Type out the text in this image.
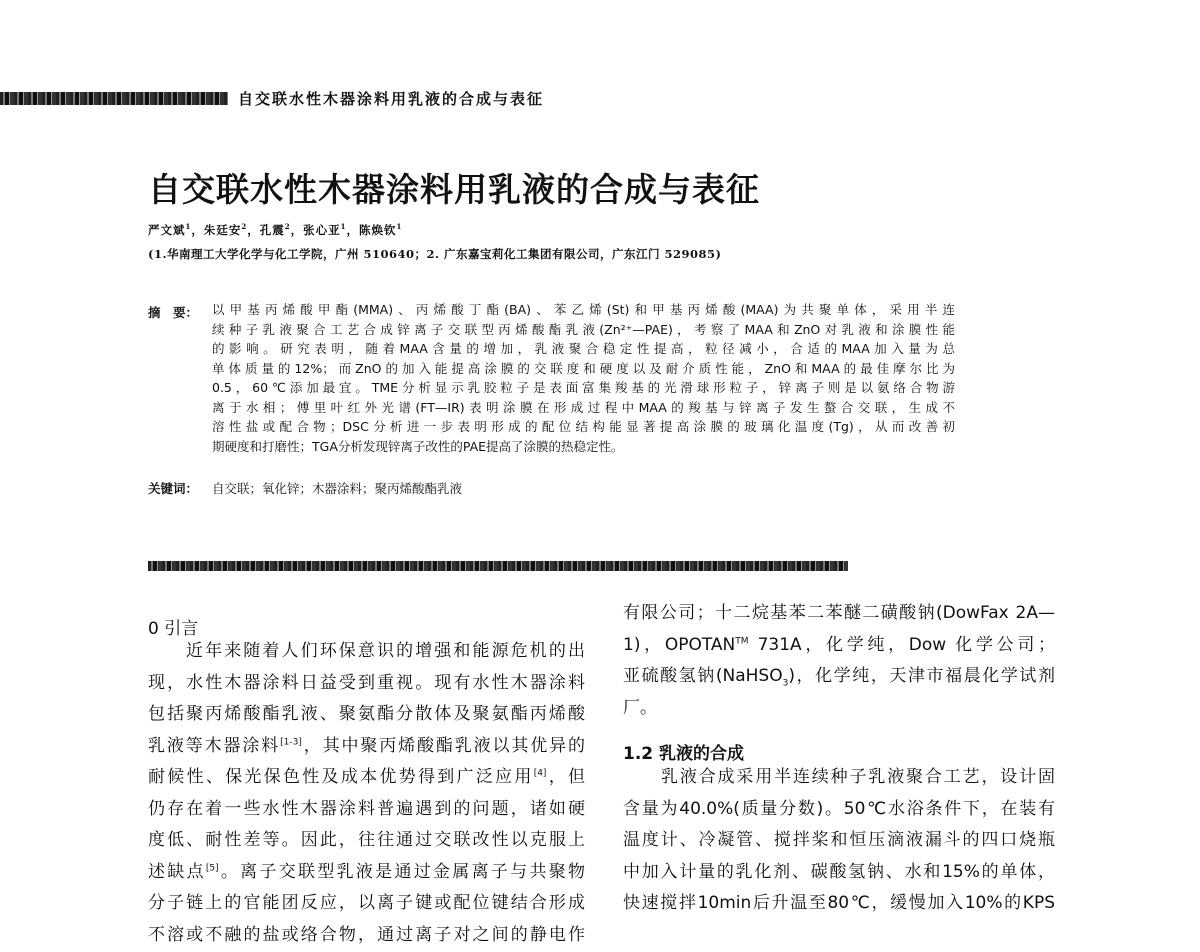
自交联水性木器涂料用乳液的合成与表征
自交联水性木器涂料用乳液的合成与表征
严文斌$^1$，朱廷安$^2$，孔震$^2$，张心亚$^1$，陈焕钦$^1$
(1.华南理工大学化学与化工学院，广州 510640；2. 广东嘉宝莉化工集团有限公司，广东江门 529085)
摘　要： 以甲基丙烯酸甲酯(MMA)、丙烯酸丁酯(BA)、苯乙烯(St)和甲基丙烯酸(MAA)为共聚单体，采用半连
续种子乳液聚合工艺合成锌离子交联型丙烯酸酯乳液(Zn²⁺—PAE)，考察了MAA和ZnO对乳液和涂膜性能
的影响。研究表明，随着MAA含量的增加，乳液聚合稳定性提高，粒径减小，合适的MAA加入量为总
单体质量的12%；而ZnO的加入能提高涂膜的交联度和硬度以及耐介质性能，ZnO和MAA的最佳摩尔比为
0.5，60℃添加最宜。TME分析显示乳胶粒子是表面富集羧基的光滑球形粒子，锌离子则是以氨络合物游
离于水相；傅里叶红外光谱(FT—IR)表明涂膜在形成过程中MAA的羧基与锌离子发生螯合交联，生成不
溶性盐或配合物；DSC分析进一步表明形成的配位结构能显著提高涂膜的玻璃化温度(Tg)，从而改善初
期硬度和打磨性；TGA分析发现锌离子改性的PAE提高了涂膜的热稳定性。
关键词： 自交联；氧化锌；木器涂料；聚丙烯酸酯乳液
0 引言
近年来随着人们环保意识的增强和能源危机的出
现，水性木器涂料日益受到重视。现有水性木器涂料
包括聚丙烯酸酯乳液、聚氨酯分散体及聚氨酯丙烯酸
乳液等木器涂料[1-3]，其中聚丙烯酸酯乳液以其优异的
耐候性、保光保色性及成本优势得到广泛应用[4]，但
仍存在着一些水性木器涂料普遍遇到的问题，诸如硬
度低、耐性差等。因此，往往通过交联改性以克服上
述缺点[5]。离子交联型乳液是通过金属离子与共聚物
分子链上的官能团反应，以离子键或配位键结合形成
不溶或不融的盐或络合物，通过离子对之间的静电作
有限公司；十二烷基苯二苯醚二磺酸钠(DowFax 2A—
1)，OPOTAN™ 731A，化学纯，Dow 化学公司；
亚硫酸氢钠(NaHSO$_3$)，化学纯，天津市福晨化学试剂
厂。
1.2 乳液的合成
乳液合成采用半连续种子乳液聚合工艺，设计固
含量为40.0%(质量分数)。50℃水浴条件下，在装有
温度计、冷凝管、搅拌桨和恒压滴液漏斗的四口烧瓶
中加入计量的乳化剂、碳酸氢钠、水和15%的单体，
快速搅拌10min后升温至80℃，缓慢加入10%的KPS
